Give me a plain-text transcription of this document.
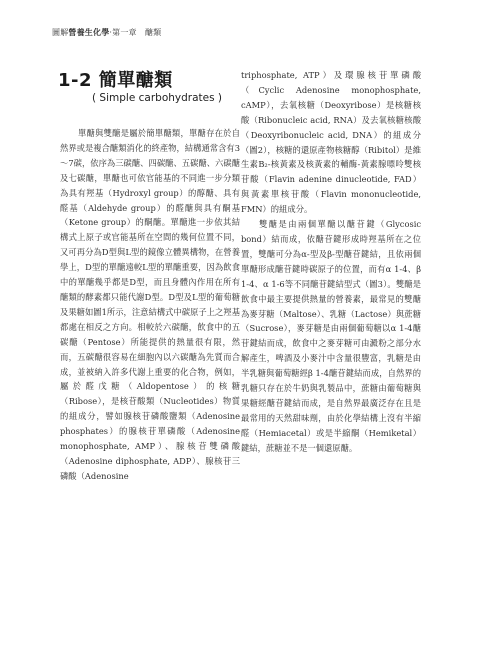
圖解營養生化學‧第一章　醣類
1-2 簡單醣類
( Simple carbohydrates )

單醣與雙醣是屬於簡單醣類，單醣存在於自然界或是複合醣類消化的終產物，結構通常含有3～7碳，依序為三碳醣、四碳醣、五碳醣、六碳醣及七碳醣，單醣也可依官能基的不同進一步分類為具有羥基（Hydroxyl group）的醇醣、具有醛基（Aldehyde group）的醛醣與具有酮基（Ketone group）的酮醣。單醣進一步依其結構式上原子或官能基所在空間的幾何位置不同，又可再分為D型與L型的鏡像立體異構物，在營養學上，D型的單醣遠較L型的單醣重要，因為飲食中的單醣幾乎都是D型，而且身體內作用在所有醣類的酵素都只能代謝D型。D型及L型的葡萄糖及果糖如圖1所示，注意結構式中碳原子上之羥基都處在相反之方向。相較於六碳醣，飲食中的五碳醣（Pentose）所能提供的熱量很有限，然而，五碳醣很容易在細胞內以六碳醣為先質而合成，並被納入許多代謝上重要的化合物，例如，屬於醛戊糖（Aldopentose）的核糖（Ribose），是核苷酸類（Nucleotides）物質的組成分，譬如腺核苷磷酸鹽類（Adenosine phosphates）的腺核苷單磷酸（Adenosine monophosphate, AMP）、腺核苷雙磷酸（Adenosine diphosphate, ADP）、腺核苷三磷酸（Adenosine

triphosphate, ATP）及環腺核苷單磷酸（Cyclic Adenosine monophosphate, cAMP），去氧核糖（Deoxyribose）是核糖核酸（Ribonucleic acid, RNA）及去氧核糖核酸（Deoxyribonucleic acid, DNA）的組成分（圖2），核糖的還原產物核糖醇（Ribitol）是維生素B₂-核黃素及核黃素的輔酶-黃素腺嘌呤雙核苷酸（Flavin adenine dinucleotide, FAD）與黃素單核苷酸（Flavin mononucleotide, FMN）的組成分。

雙醣是由兩個單醣以醣苷鍵（Glycosic bond）結而成，依醣苷鍵形成時羥基所在之位置，雙醣可分為α-型及β-型醣苷鍵結，且依兩個單醣形成醣苷鍵時碳原子的位置，而有α 1-4、β 1-4、α 1-6等不同醣苷鍵結型式（圖3）。雙醣是飲食中最主要提供熱量的營養素，最常見的雙醣為麥芽糖（Maltose）、乳糖（Lactose）與蔗糖（Sucrose），麥芽糖是由兩個葡萄糖以α 1-4醣苷鍵結而成，飲食中之麥芽糖可由澱粉之部分水解產生，啤酒及小麥汁中含量很豐富，乳糖是由半乳糖與葡萄糖經β 1-4醣苷鍵結而成，自然界的乳糖只存在於牛奶與乳製品中，蔗糖由葡萄糖與果糖經醣苷鍵結而成，是自然界最廣泛存在且是最常用的天然甜味劑，由於化學結構上沒有半縮醛（Hemiacetal）或是半縮酮（Hemiketal）鍵結，蔗糖並不是一個還原醣。
